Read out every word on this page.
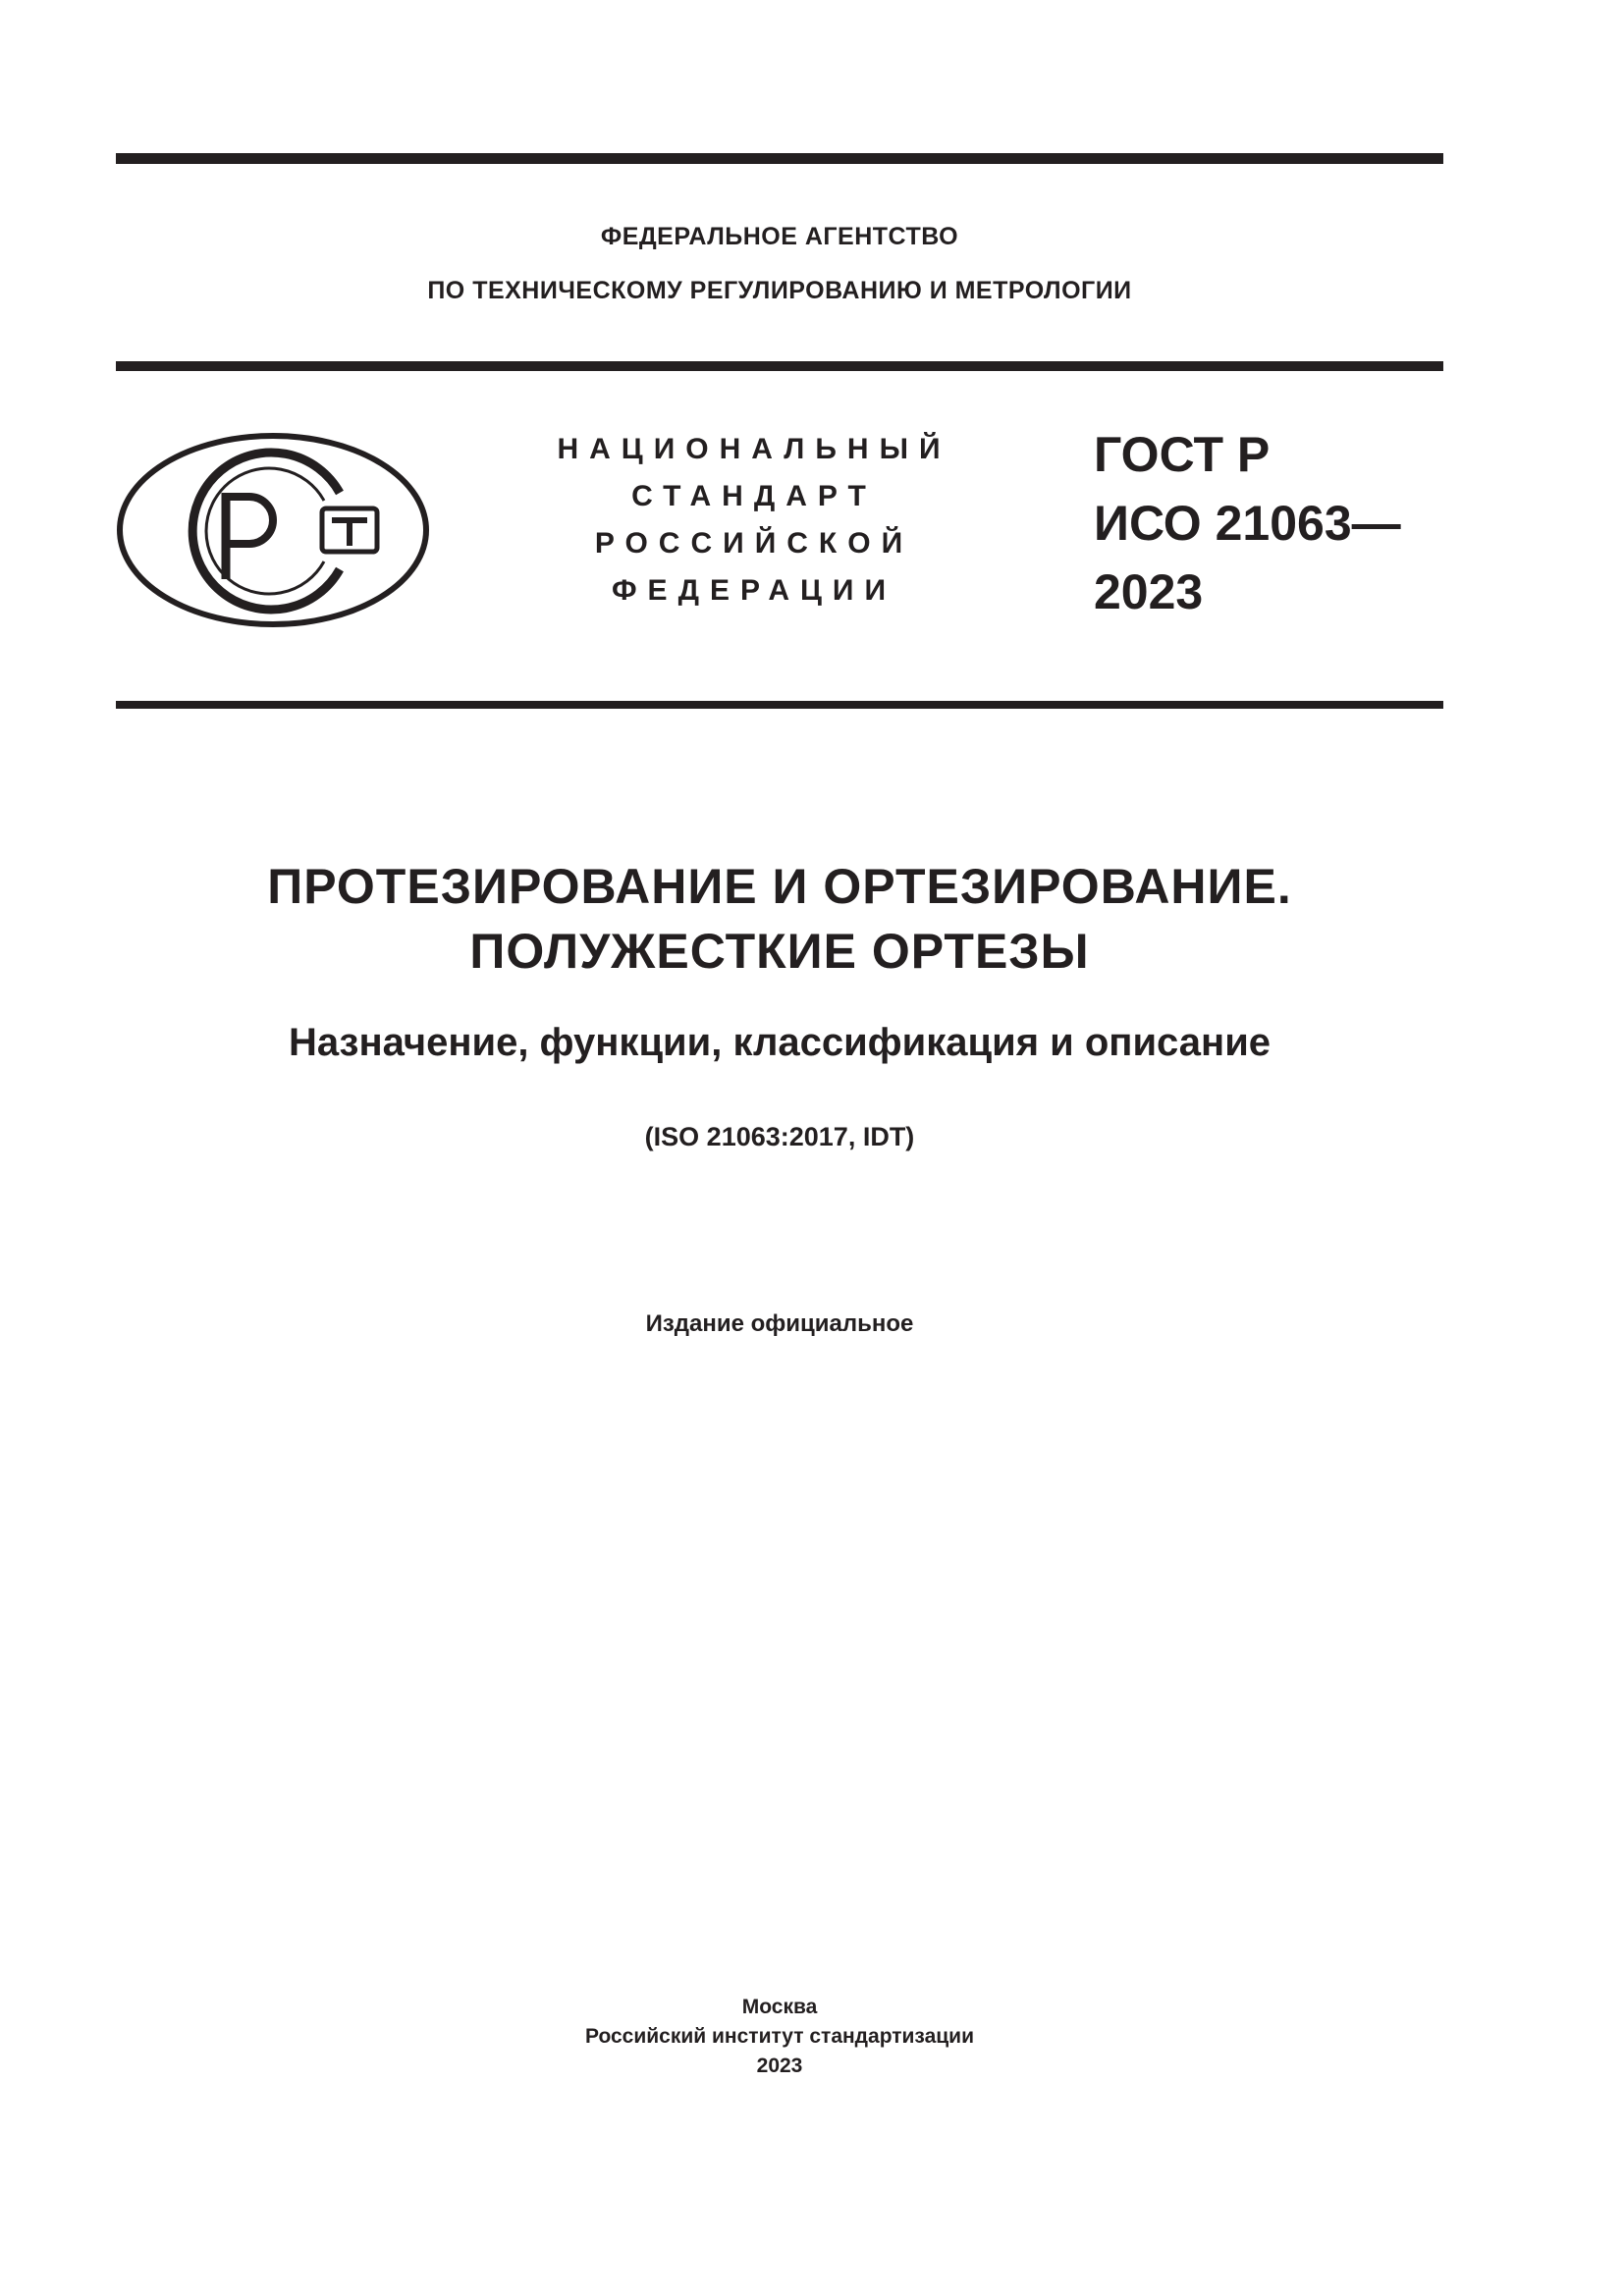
ФЕДЕРАЛЬНОЕ АГЕНТСТВО
ПО ТЕХНИЧЕСКОМУ РЕГУЛИРОВАНИЮ И МЕТРОЛОГИИ
НАЦИОНАЛЬНЫЙ
СТАНДАРТ
РОССИЙСКОЙ
ФЕДЕРАЦИИ
ГОСТ Р
ИСО 21063—
2023
ПРОТЕЗИРОВАНИЕ И ОРТЕЗИРОВАНИЕ.
ПОЛУЖЕСТКИЕ ОРТЕЗЫ
Назначение, функции, классификация и описание
(ISO 21063:2017, IDT)
Издание официальное
Москва
Российский институт стандартизации
2023
